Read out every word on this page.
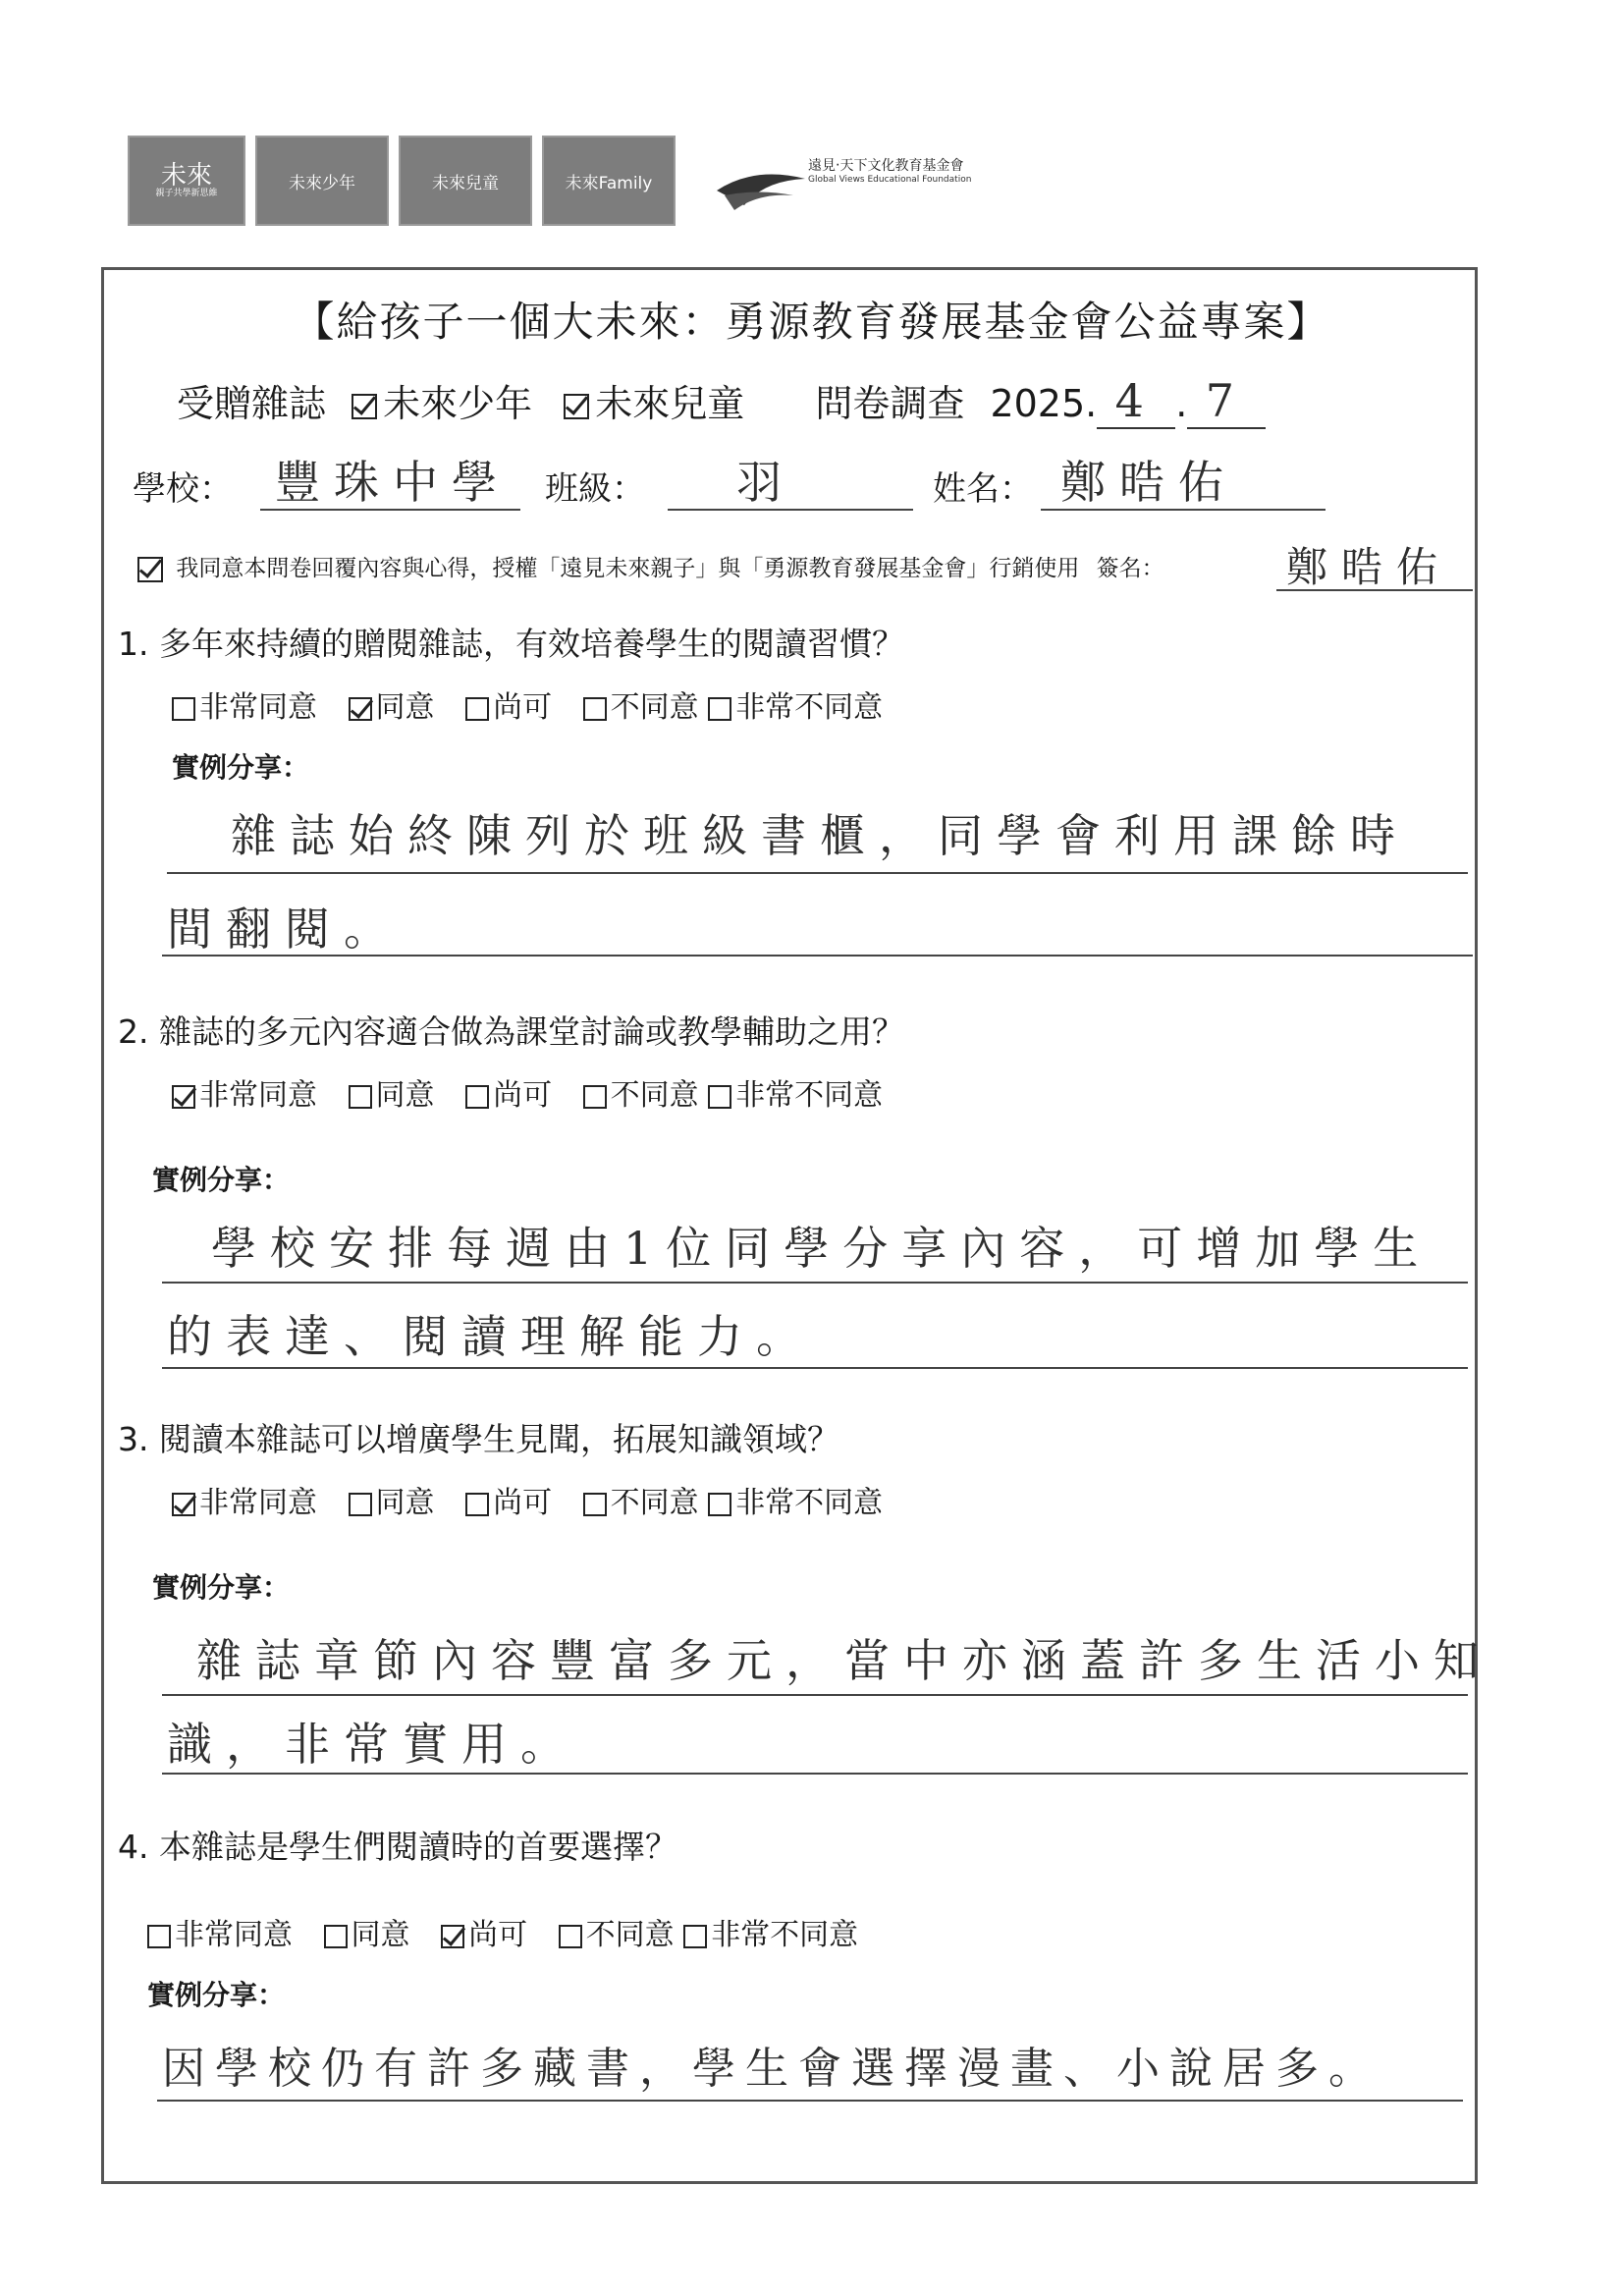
未來
親子共學新思維
未來少年	未來兒童	未來Family
遠見‧天下文化教育基金會
Global Views Educational Foundation
【給孩子一個大未來：勇源教育發展基金會公益專案】
受贈雜誌 未來少年 未來兒童 問卷調查 2025. 4 . 7
學校： 豐珠中學 班級： 羽	姓名： 鄭晧佑
我同意本問卷回覆內容與心得，授權「遠見未來親子」與「勇源教育發展基金會」行銷使用 簽名：	鄭晧佑
1. 多年來持續的贈閱雜誌，有效培養學生的閱讀習慣？
非常同意 同意 尚可 不同意 非常不同意
實例分享：
雜誌始終陳列於班級書櫃，同學會利用課餘時
間翻閱。
2. 雜誌的多元內容適合做為課堂討論或教學輔助之用？
非常同意 同意 尚可 不同意 非常不同意
實例分享：
學校安排每週由1位同學分享內容，可增加學生
的表達、閱讀理解能力。
3. 閱讀本雜誌可以增廣學生見聞，拓展知識領域？
非常同意 同意 尚可 不同意 非常不同意
實例分享：
雜誌章節內容豐富多元，當中亦涵蓋許多生活小知
識，非常實用。
4. 本雜誌是學生們閱讀時的首要選擇？
非常同意 同意 尚可 不同意 非常不同意
實例分享：
因學校仍有許多藏書，學生會選擇漫畫、小說居多。
